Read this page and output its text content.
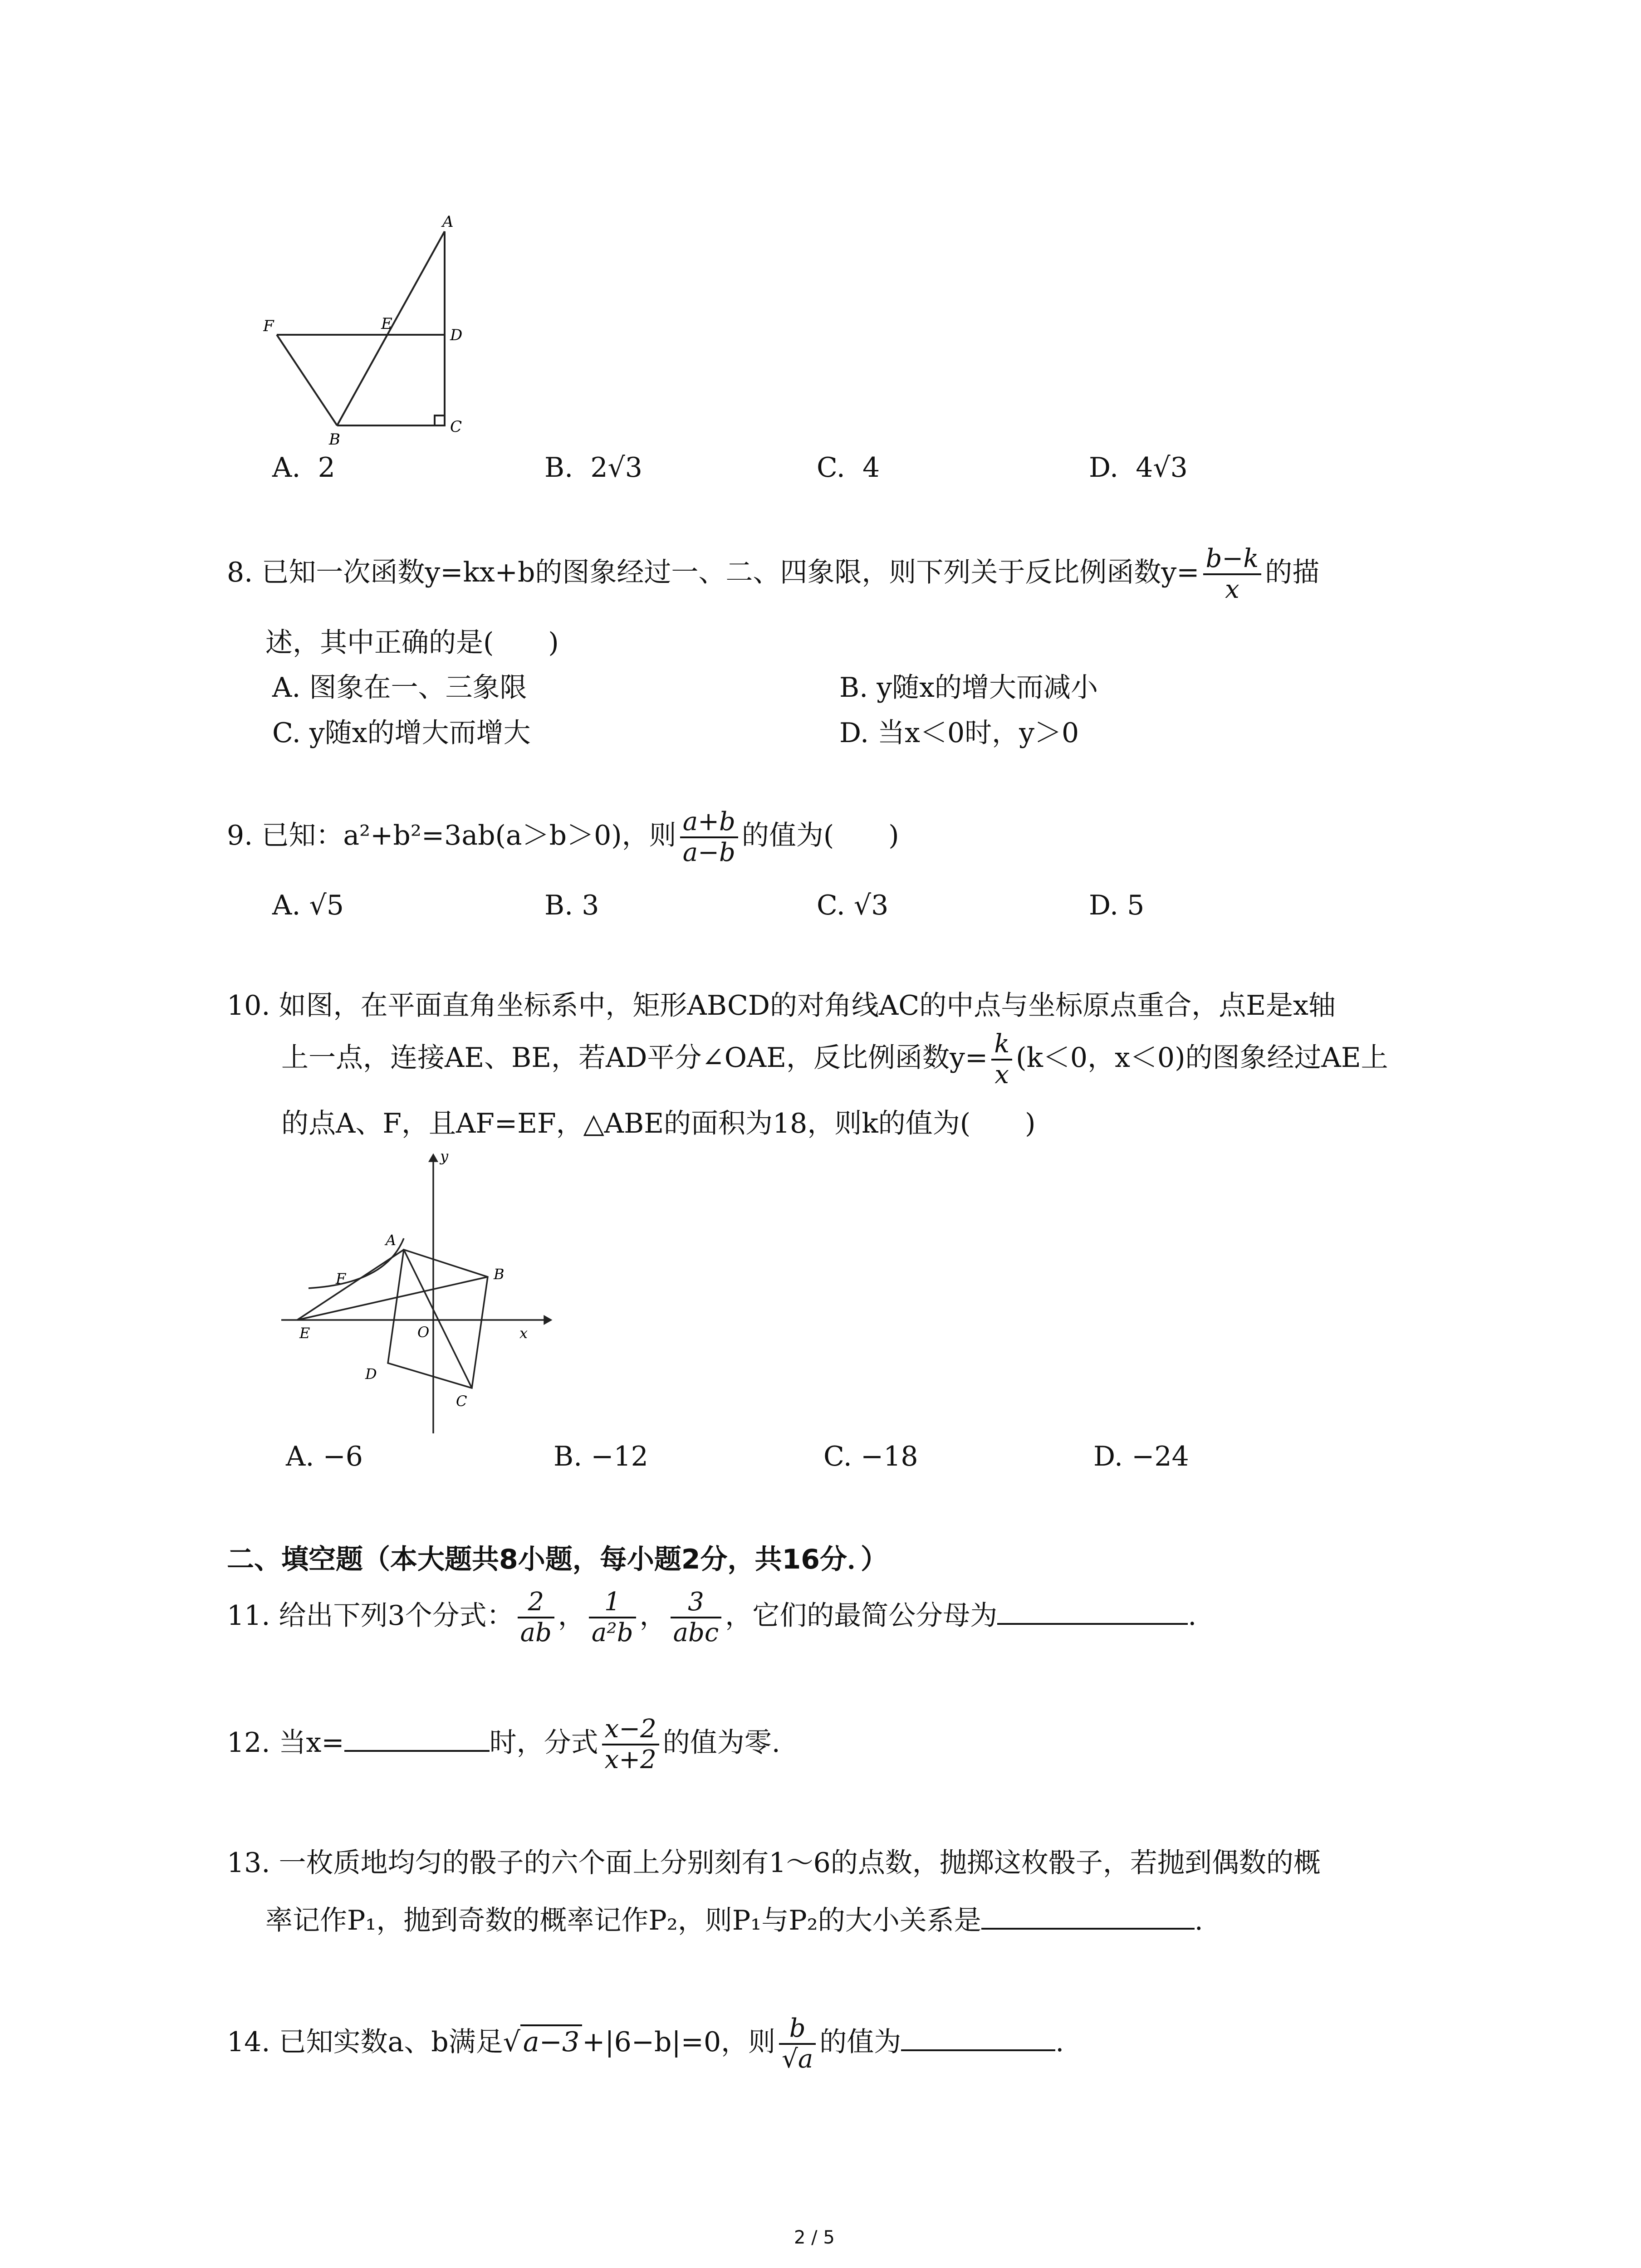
A
F	E
D
B
C
A. 2	B. 2√3	C. 4	D. 4√3
8. 已知一次函数y=kx+b的图象经过一、二、四象限，则下列关于反比例函数$y= \frac{b-k}{x}$ 的描
述，其中正确的是(　　)
A. 图象在一、三象限	B. y随x的增大而减小
C. y随x的增大而增大	D. 当x＜0时，y＞0
9. 已知：a²+b²=3ab(a＞b＞0)，则 $\frac{a+b}{a-b}$ 的值为(　　)
A. √5	B. 3	C. √3	D. 5
10. 如图，在平面直角坐标系中，矩形ABCD的对角线AC的中点与坐标原点重合，点E是x轴
上一点，连接AE、BE，若AD平分∠OAE，反比例函数$y= \frac{k}{x} (k<0$，x＜0)的图象经过AE上
的点A、F，且AF=EF，△ABE的面积为18，则k的值为(　　)
y
A
B
F
E	O	x
D
C
A. −6	B. −12	C. −18	D. −24
二、填空题（本大题共8小题，每小题2分，共16分．）
11. 给出下列3个分式： $\frac{2}{ab}$ ， $\frac{1}{\text{a²b}}$ ， $\frac{3}{\text{abc}}$ ，它们的最简公分母为	.
12. 当x=	时，分式 $\frac{x-2}{x+2}$ 的值为零.
13. 一枚质地均匀的骰子的六个面上分别刻有1～6的点数，抛掷这枚骰子，若抛到偶数的概
率记作P₁，抛到奇数的概率记作P₂，则P₁与P₂的大小关系是	.
14. 已知实数a、b满足√ a−3 +|6−b|=0，则 $\frac{b}{√a}$ 的值为	.
2 / 5
